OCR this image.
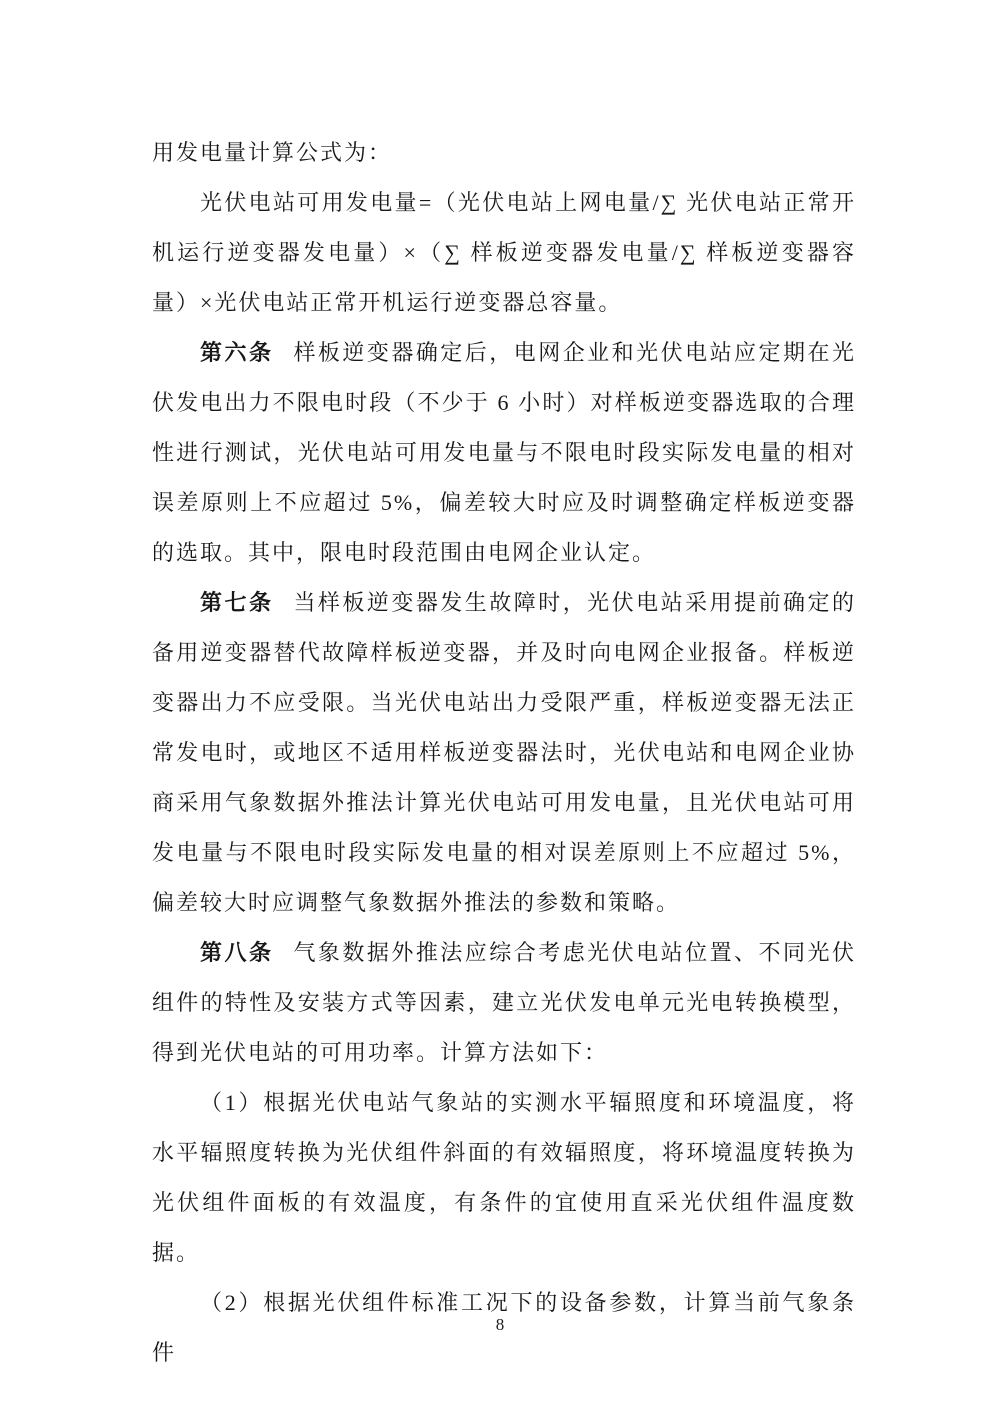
用发电量计算公式为：

光伏电站可用发电量=（光伏电站上网电量/∑ 光伏电站正常开机运行逆变器发电量）×（∑ 样板逆变器发电量/∑ 样板逆变器容量）×光伏电站正常开机运行逆变器总容量。

第六条 样板逆变器确定后，电网企业和光伏电站应定期在光伏发电出力不限电时段（不少于 6 小时）对样板逆变器选取的合理性进行测试，光伏电站可用发电量与不限电时段实际发电量的相对误差原则上不应超过 5%，偏差较大时应及时调整确定样板逆变器的选取。其中，限电时段范围由电网企业认定。

第七条 当样板逆变器发生故障时，光伏电站采用提前确定的备用逆变器替代故障样板逆变器，并及时向电网企业报备。样板逆变器出力不应受限。当光伏电站出力受限严重，样板逆变器无法正常发电时，或地区不适用样板逆变器法时，光伏电站和电网企业协商采用气象数据外推法计算光伏电站可用发电量，且光伏电站可用发电量与不限电时段实际发电量的相对误差原则上不应超过 5%，偏差较大时应调整气象数据外推法的参数和策略。

第八条 气象数据外推法应综合考虑光伏电站位置、不同光伏组件的特性及安装方式等因素，建立光伏发电单元光电转换模型，得到光伏电站的可用功率。计算方法如下：

（1）根据光伏电站气象站的实测水平辐照度和环境温度，将水平辐照度转换为光伏组件斜面的有效辐照度，将环境温度转换为光伏组件面板的有效温度，有条件的宜使用直采光伏组件温度数据。

（2）根据光伏组件标准工况下的设备参数，计算当前气象条件

8
